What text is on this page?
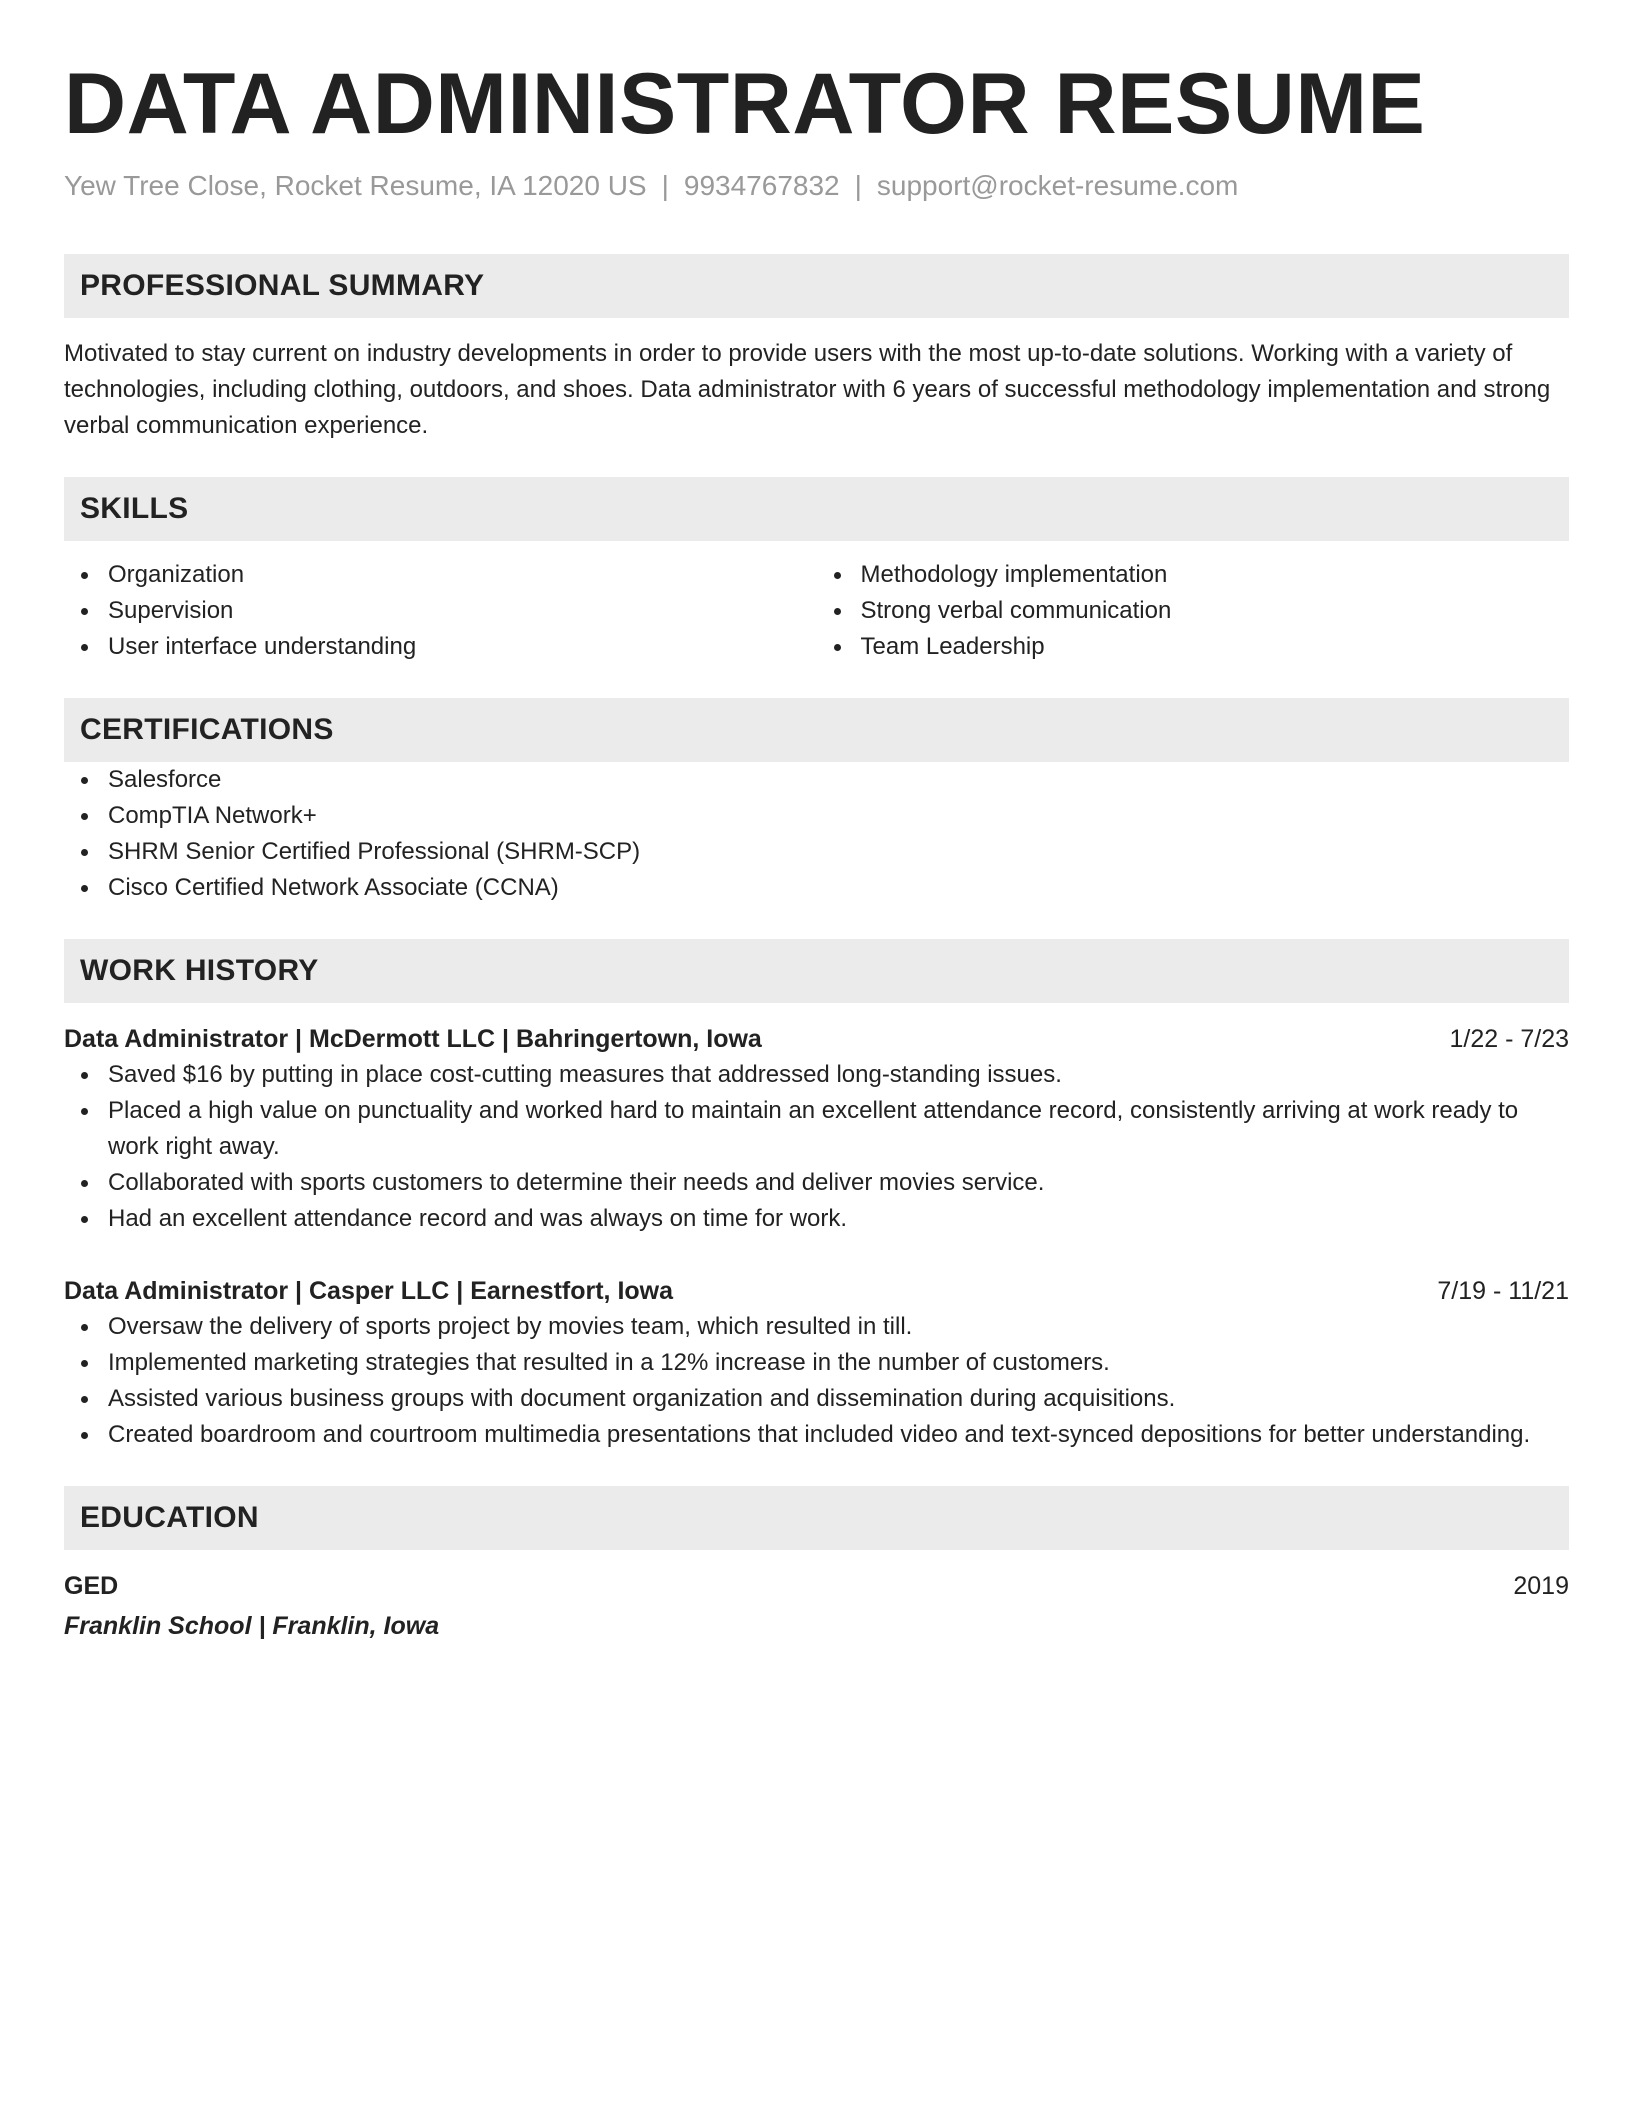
DATA ADMINISTRATOR RESUME
Yew Tree Close, Rocket Resume, IA 12020 US | 9934767832 | support@rocket-resume.com
PROFESSIONAL SUMMARY
Motivated to stay current on industry developments in order to provide users with the most up-to-date solutions. Working with a variety of technologies, including clothing, outdoors, and shoes. Data administrator with 6 years of successful methodology implementation and strong verbal communication experience.
SKILLS
Organization
Supervision
User interface understanding
Methodology implementation
Strong verbal communication
Team Leadership
CERTIFICATIONS
Salesforce
CompTIA Network+
SHRM Senior Certified Professional (SHRM-SCP)
Cisco Certified Network Associate (CCNA)
WORK HISTORY
Data Administrator | McDermott LLC | Bahringertown, Iowa	1/22 - 7/23
Saved $16 by putting in place cost-cutting measures that addressed long-standing issues.
Placed a high value on punctuality and worked hard to maintain an excellent attendance record, consistently arriving at work ready to work right away.
Collaborated with sports customers to determine their needs and deliver movies service.
Had an excellent attendance record and was always on time for work.
Data Administrator | Casper LLC | Earnestfort, Iowa	7/19 - 11/21
Oversaw the delivery of sports project by movies team, which resulted in till.
Implemented marketing strategies that resulted in a 12% increase in the number of customers.
Assisted various business groups with document organization and dissemination during acquisitions.
Created boardroom and courtroom multimedia presentations that included video and text-synced depositions for better understanding.
EDUCATION
GED	2019
Franklin School | Franklin, Iowa
